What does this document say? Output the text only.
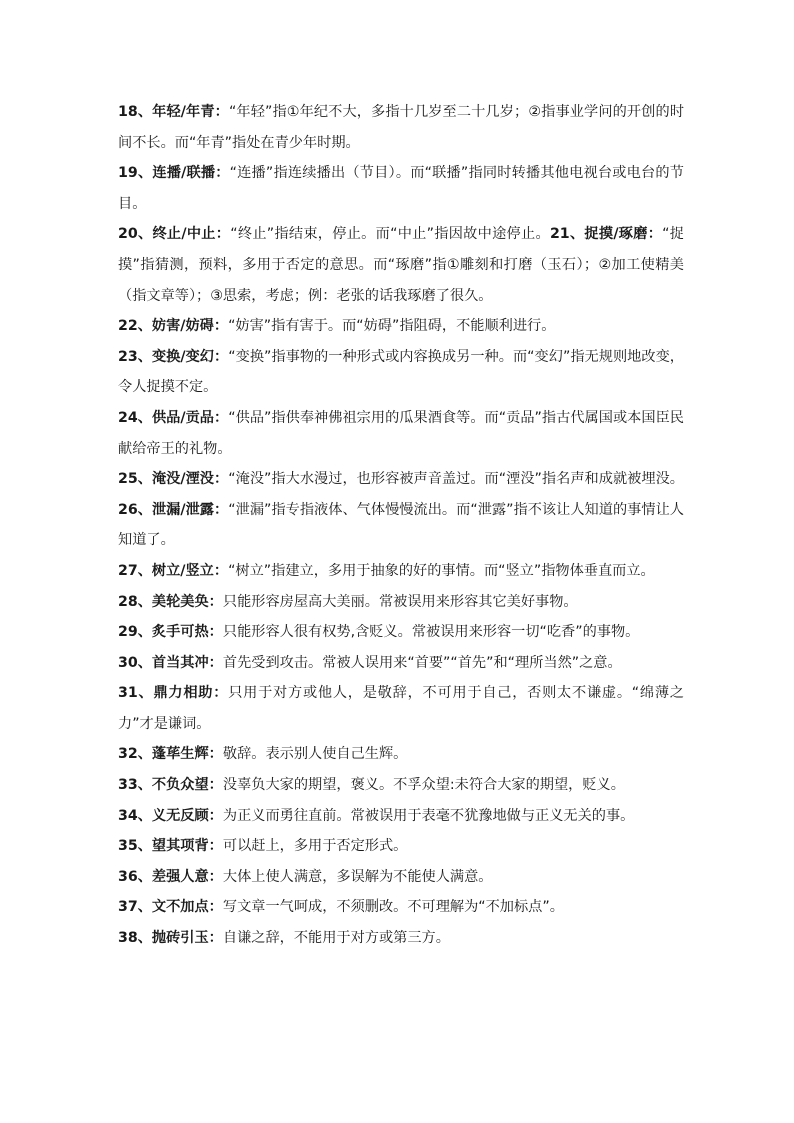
18、年轻/年青：“年轻”指①年纪不大，多指十几岁至二十几岁；②指事业学问的开创的时间不长。而“年青”指处在青少年时期。

19、连播/联播：“连播”指连续播出（节目）。而“联播”指同时转播其他电视台或电台的节目。

20、终止/中止：“终止”指结束，停止。而“中止”指因故中途停止。21、捉摸/琢磨：“捉摸”指猜测，预料，多用于否定的意思。而“琢磨”指①雕刻和打磨（玉石）；②加工使精美（指文章等）；③思索，考虑；例：老张的话我琢磨了很久。

22、妨害/妨碍：“妨害”指有害于。而“妨碍”指阻碍，不能顺利进行。

23、变换/变幻：“变换”指事物的一种形式或内容换成另一种。而“变幻”指无规则地改变，令人捉摸不定。

24、供品/贡品：“供品”指供奉神佛祖宗用的瓜果酒食等。而“贡品”指古代属国或本国臣民献给帝王的礼物。

25、淹没/湮没：“淹没”指大水漫过，也形容被声音盖过。而“湮没”指名声和成就被埋没。26、泄漏/泄露：“泄漏”指专指液体、气体慢慢流出。而“泄露”指不该让人知道的事情让人知道了。

27、树立/竖立：“树立”指建立，多用于抽象的好的事情。而“竖立”指物体垂直而立。

28、美轮美奂：只能形容房屋高大美丽。常被误用来形容其它美好事物。

29、炙手可热：只能形容人很有权势,含贬义。常被误用来形容一切“吃香”的事物。

30、首当其冲：首先受到攻击。常被人误用来“首要”“首先”和“理所当然”之意。

31、鼎力相助：只用于对方或他人，是敬辞，不可用于自己，否则太不谦虚。“绵薄之力”才是谦词。

32、蓬荜生辉：敬辞。表示别人使自己生辉。

33、不负众望：没辜负大家的期望，褒义。不孚众望:未符合大家的期望，贬义。

34、义无反顾：为正义而勇往直前。常被误用于表毫不犹豫地做与正义无关的事。

35、望其项背：可以赶上，多用于否定形式。

36、差强人意：大体上使人满意，多误解为不能使人满意。

37、文不加点：写文章一气呵成，不须删改。不可理解为“不加标点”。

38、抛砖引玉：自谦之辞，不能用于对方或第三方。
